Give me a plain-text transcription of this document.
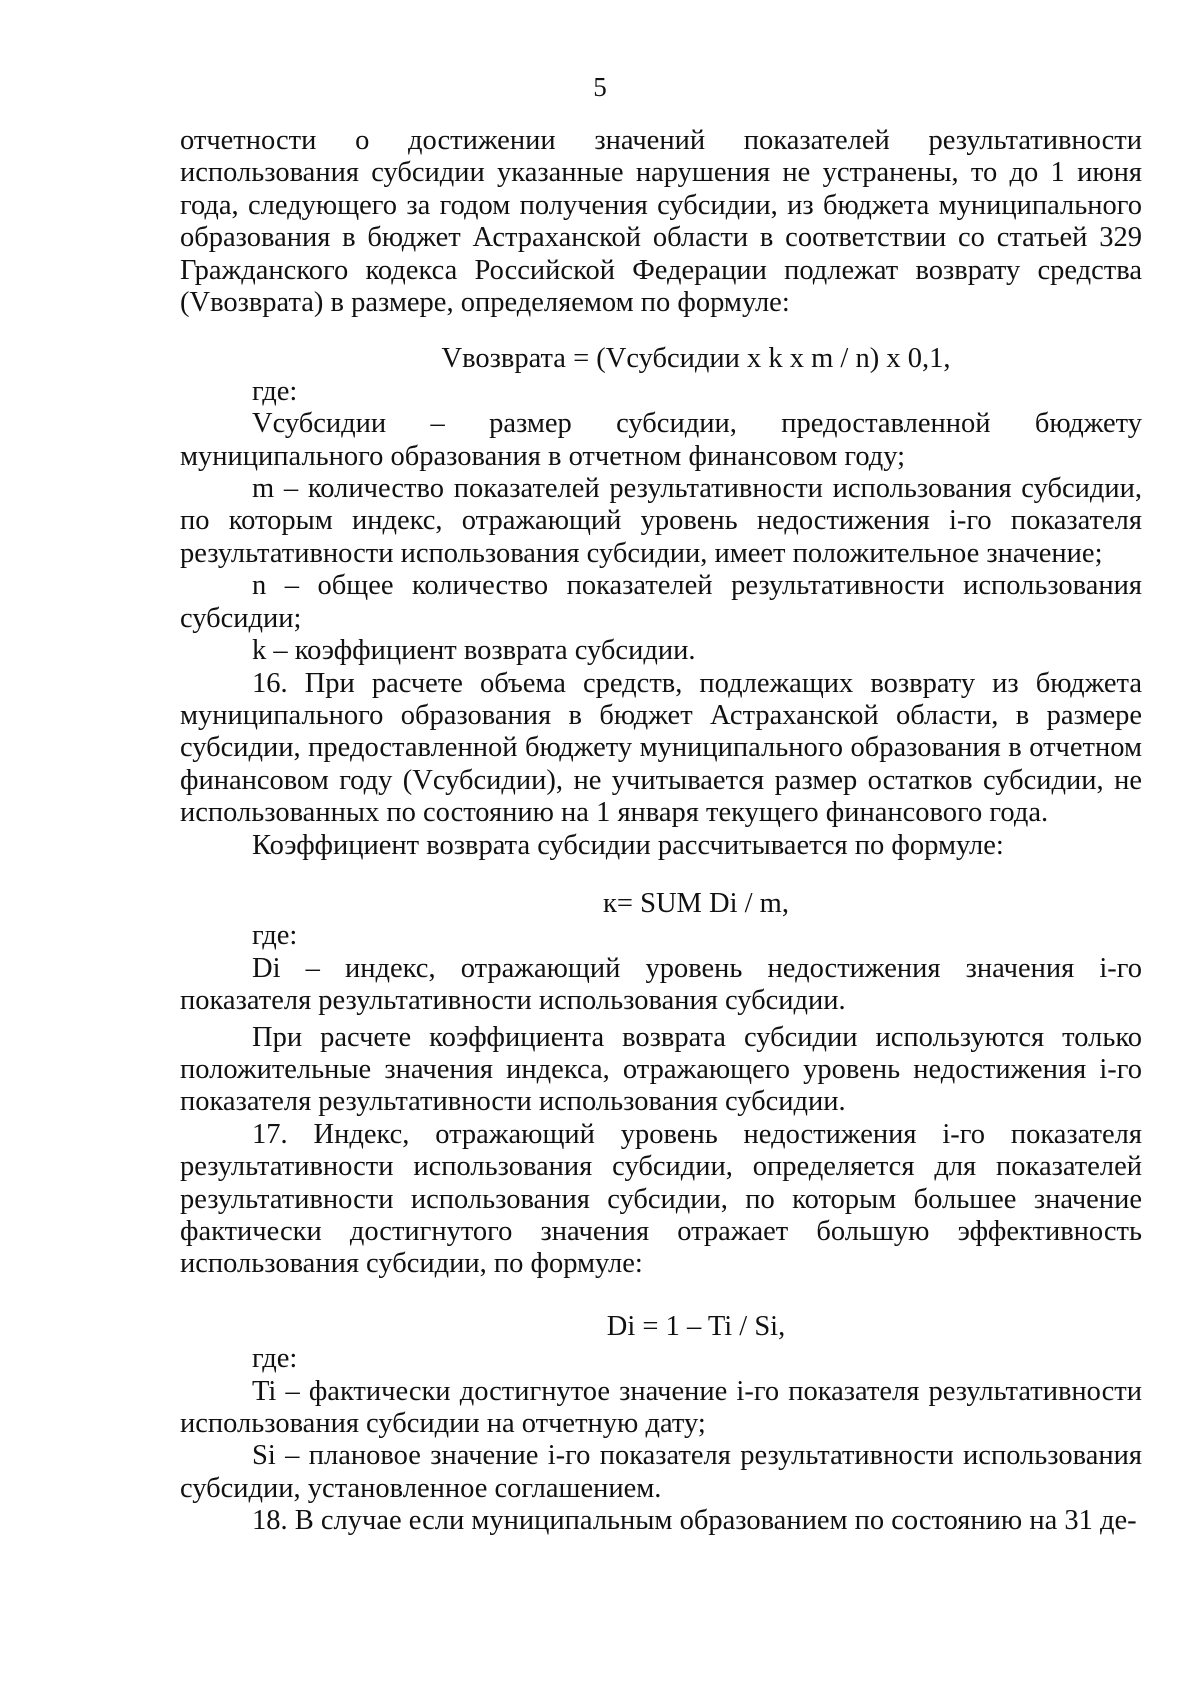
5

отчетности о достижении значений показателей результативности использования субсидии указанные нарушения не устранены, то до 1 июня года, следующего за годом получения субсидии, из бюджета муниципального образования в бюджет Астраханской области в соответствии со статьей 329 Гражданского кодекса Российской Федерации подлежат возврату средства (Vвозврата) в размере, определяемом по формуле:

Vвозврата = (Vсубсидии x k x m / n) x 0,1,

где:

Vсубсидии – размер субсидии, предоставленной бюджету муниципального образования в отчетном финансовом году;

m – количество показателей результативности использования субсидии, по которым индекс, отражающий уровень недостижения i-го показателя результативности использования субсидии, имеет положительное значение;

n – общее количество показателей результативности использования субсидии;

k – коэффициент возврата субсидии.

16. При расчете объема средств, подлежащих возврату из бюджета муниципального образования в бюджет Астраханской области, в размере субсидии, предоставленной бюджету муниципального образования в отчетном финансовом году (Vсубсидии), не учитывается размер остатков субсидии, не использованных по состоянию на 1 января текущего финансового года.

Коэффициент возврата субсидии рассчитывается по формуле:

к= SUM Di / m,

где:

Di – индекс, отражающий уровень недостижения значения i-го показателя результативности использования субсидии.

При расчете коэффициента возврата субсидии используются только положительные значения индекса, отражающего уровень недостижения i-го показателя результативности использования субсидии.

17. Индекс, отражающий уровень недостижения i-го показателя результативности использования субсидии, определяется для показателей результативности использования субсидии, по которым большее значение фактически достигнутого значения отражает большую эффективность использования субсидии, по формуле:

Di = 1 – Ti / Si,

где:

Ti – фактически достигнутое значение i-го показателя результативности использования субсидии на отчетную дату;

Si – плановое значение i-го показателя результативности использования субсидии, установленное соглашением.

18. В случае если муниципальным образованием по состоянию на 31 де-
